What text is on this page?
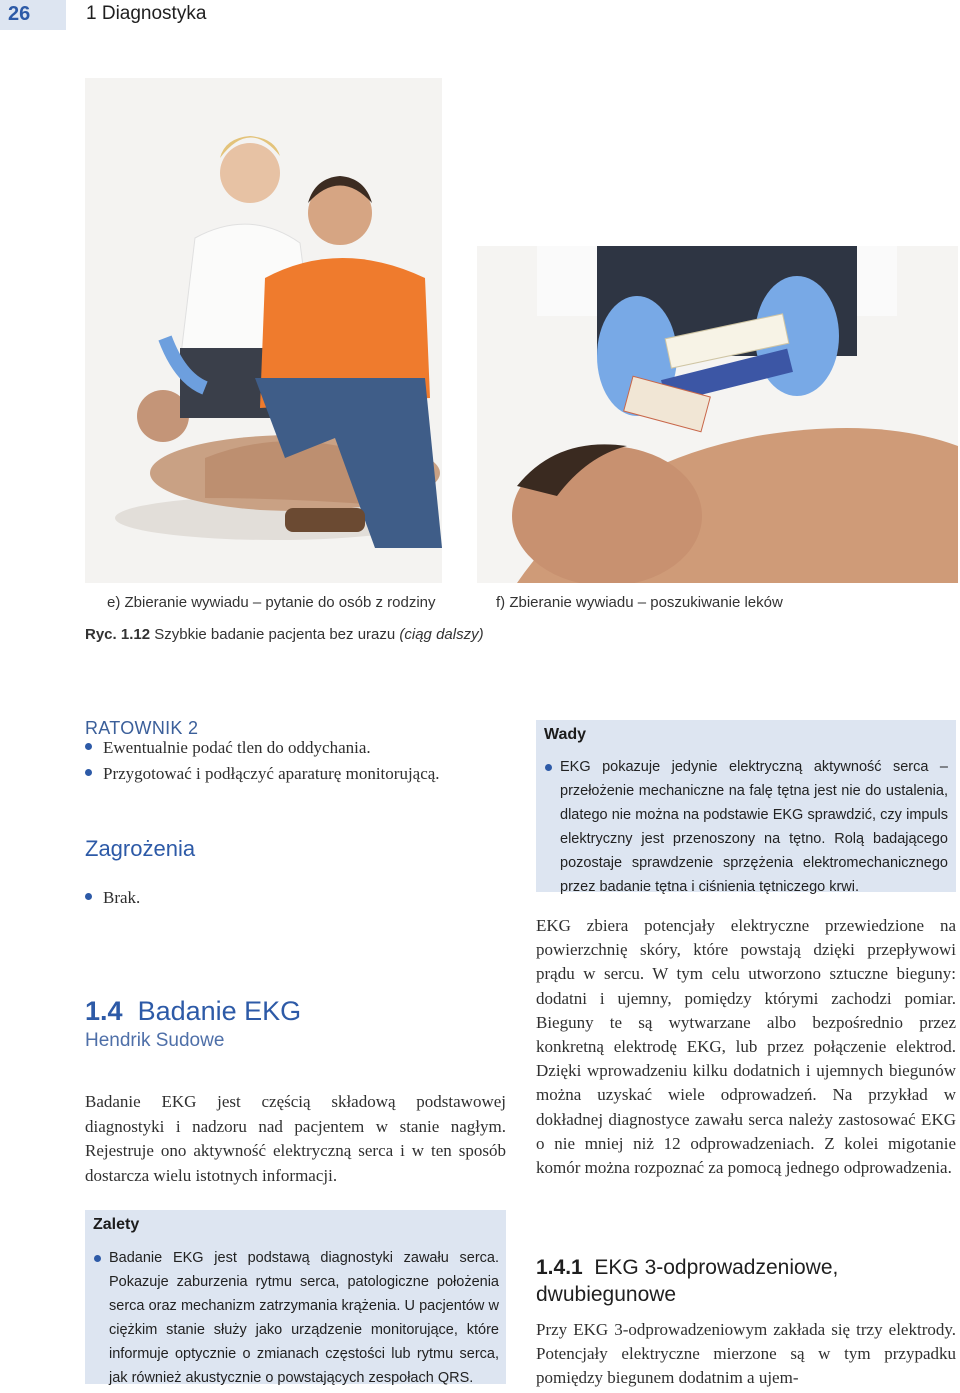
26	1 Diagnostyka
e) Zbieranie wywiadu – pytanie do osób z rodziny	f) Zbieranie wywiadu – poszukiwanie leków
Ryc. 1.12 Szybkie badanie pacjenta bez urazu (ciąg dalszy)
RATOWNIK 2
Ewentualnie podać tlen do oddychania.
Przygotować i podłączyć aparaturę monitorującą.
Zagrożenia
Brak.
1.4 Badanie EKG
Hendrik Sudowe
Badanie EKG jest częścią składową podstawowej diagnostyki i nadzoru nad pacjentem w stanie nagłym. Rejestruje ono aktywność elektryczną serca i w ten sposób dostarcza wielu istotnych informacji.
Zalety
Badanie EKG jest podstawą diagnostyki zawału serca. Pokazuje zaburzenia rytmu serca, patologiczne położenia serca oraz mechanizm zatrzymania krążenia. U pacjentów w ciężkim stanie służy jako urządzenie monitorujące, które informuje optycznie o zmianach częstości lub rytmu serca, jak również akustycznie o powstających zespołach QRS.
Wady
EKG pokazuje jedynie elektryczną aktywność serca – przełożenie mechaniczne na falę tętna jest nie do ustalenia, dlatego nie można na podstawie EKG sprawdzić, czy impuls elektryczny jest przenoszony na tętno. Rolą badającego pozostaje sprawdzenie sprzężenia elektromechanicznego przez badanie tętna i ciśnienia tętniczego krwi.
EKG zbiera potencjały elektryczne przewiedzione na powierzchnię skóry, które powstają dzięki przepływowi prądu w sercu. W tym celu utworzono sztuczne bieguny: dodatni i ujemny, pomiędzy którymi zachodzi pomiar. Bieguny te są wytwarzane albo bezpośrednio przez konkretną elektrodę EKG, lub przez połączenie elektrod. Dzięki wprowadzeniu kilku dodatnich i ujemnych biegunów można uzyskać wiele odprowadzeń. Na przykład w dokładnej diagnostyce zawału serca należy zastosować EKG o nie mniej niż 12 odprowadzeniach. Z kolei migotanie komór można rozpoznać za pomocą jednego odprowadzenia.
1.4.1 EKG 3-odprowadzeniowe, dwubiegunowe
Przy EKG 3-odprowadzeniowym zakłada się trzy elektrody. Potencjały elektryczne mierzone są w tym przypadku pomiędzy biegunem dodatnim a ujem-
